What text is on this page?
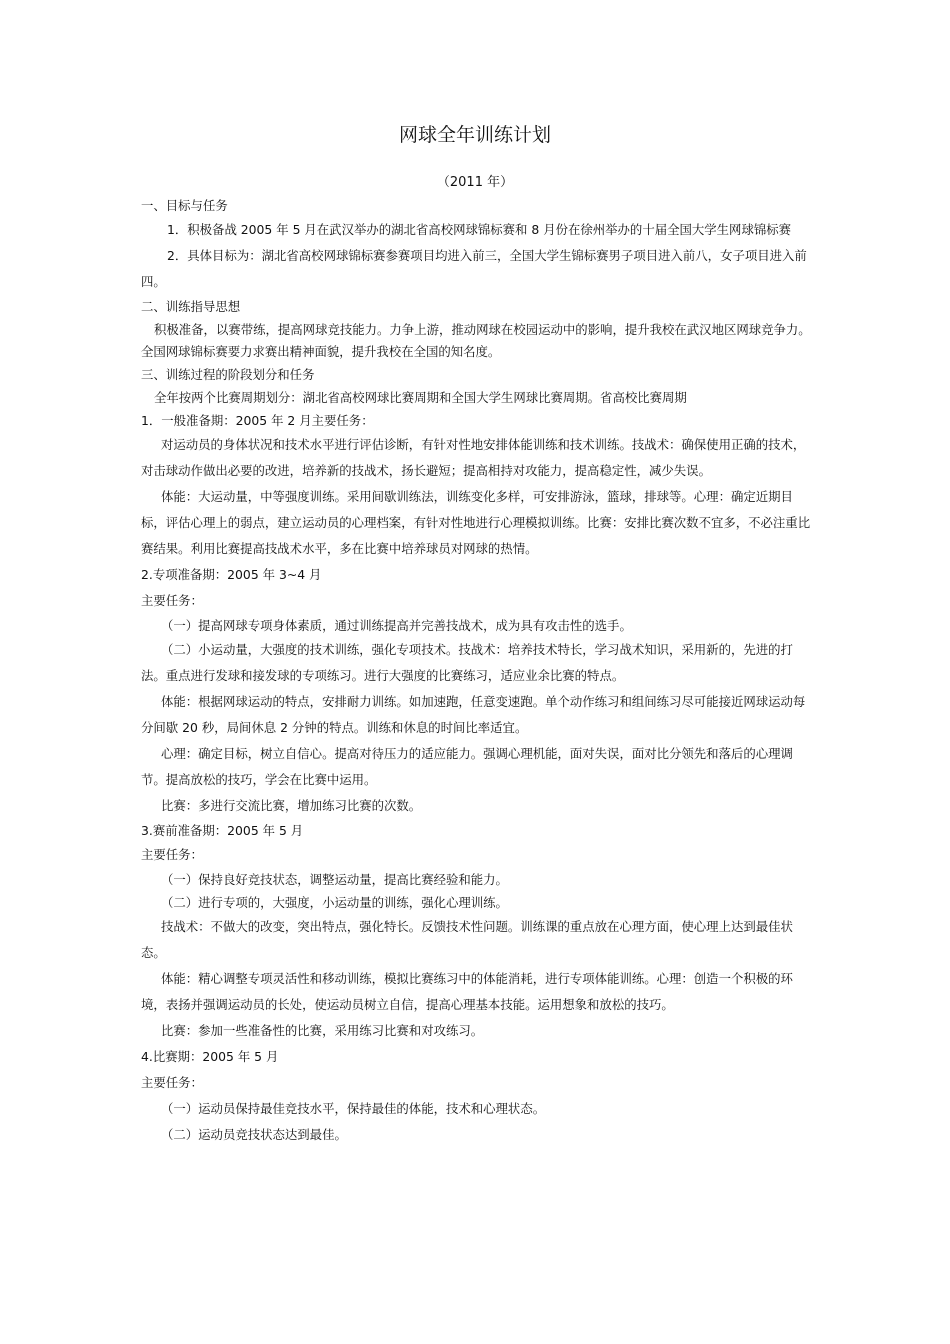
网球全年训练计划
（2011 年）

一、目标与任务

1．积极备战 2005 年 5 月在武汉举办的湖北省高校网球锦标赛和 8 月份在徐州举办的十届全国大学生网球锦标赛

2．具体目标为：湖北省高校网球锦标赛参赛项目均进入前三，全国大学生锦标赛男子项目进入前八，女子项目进入前四。

二、训练指导思想

积极准备，以赛带练，提高网球竞技能力。力争上游，推动网球在校园运动中的影响，提升我校在武汉地区网球竞争力。全国网球锦标赛要力求赛出精神面貌，提升我校在全国的知名度。

三、训练过程的阶段划分和任务

全年按两个比赛周期划分：湖北省高校网球比赛周期和全国大学生网球比赛周期。省高校比赛周期

1．一般准备期：2005 年 2 月主要任务：

对运动员的身体状况和技术水平进行评估诊断，有针对性地安排体能训练和技术训练。技战术：确保使用正确的技术，对击球动作做出必要的改进，培养新的技战术，扬长避短；提高相持对攻能力，提高稳定性，减少失误。

体能：大运动量，中等强度训练。采用间歇训练法，训练变化多样，可安排游泳，篮球，排球等。心理：确定近期目标，评估心理上的弱点，建立运动员的心理档案，有针对性地进行心理模拟训练。比赛：安排比赛次数不宜多，不必注重比赛结果。利用比赛提高技战术水平，多在比赛中培养球员对网球的热情。

2.专项准备期：2005 年 3~4 月

主要任务：

（一）提高网球专项身体素质，通过训练提高并完善技战术，成为具有攻击性的选手。

（二）小运动量，大强度的技术训练，强化专项技术。技战术：培养技术特长，学习战术知识，采用新的，先进的打法。重点进行发球和接发球的专项练习。进行大强度的比赛练习，适应业余比赛的特点。

体能：根据网球运动的特点，安排耐力训练。如加速跑，任意变速跑。单个动作练习和组间练习尽可能接近网球运动每分间歇 20 秒，局间休息 2 分钟的特点。训练和休息的时间比率适宜。

心理：确定目标，树立自信心。提高对待压力的适应能力。强调心理机能，面对失误，面对比分领先和落后的心理调节。提高放松的技巧，学会在比赛中运用。

比赛：多进行交流比赛，增加练习比赛的次数。

3.赛前准备期：2005 年 5 月

主要任务：

（一）保持良好竞技状态，调整运动量，提高比赛经验和能力。

（二）进行专项的，大强度，小运动量的训练，强化心理训练。

技战术：不做大的改变，突出特点，强化特长。反馈技术性问题。训练课的重点放在心理方面，使心理上达到最佳状态。

体能：精心调整专项灵活性和移动训练，模拟比赛练习中的体能消耗，进行专项体能训练。心理：创造一个积极的环境，表扬并强调运动员的长处，使运动员树立自信，提高心理基本技能。运用想象和放松的技巧。

比赛：参加一些准备性的比赛，采用练习比赛和对攻练习。

4.比赛期：2005 年 5 月

主要任务：

（一）运动员保持最佳竞技水平，保持最佳的体能，技术和心理状态。

（二）运动员竞技状态达到最佳。
